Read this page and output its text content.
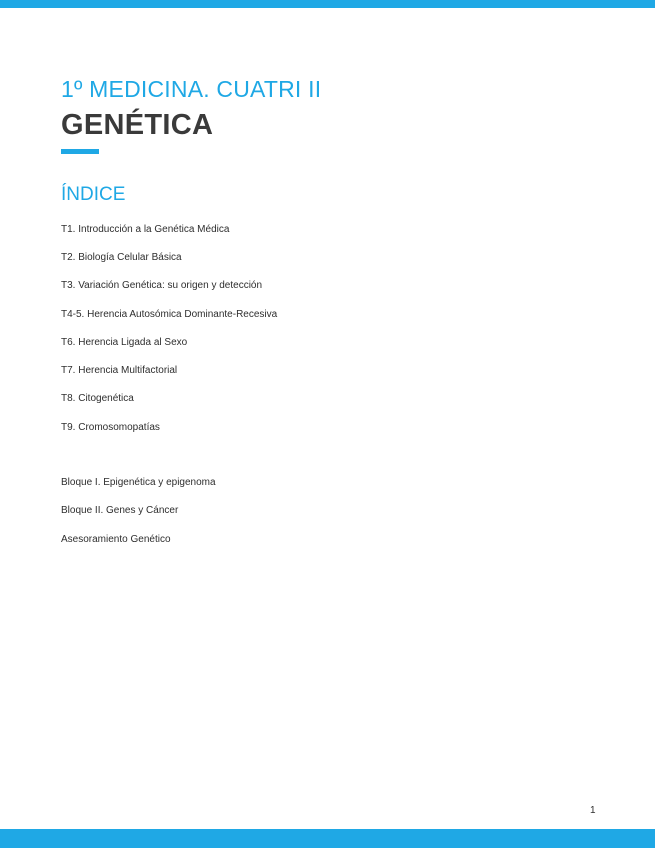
1º MEDICINA. CUATRI II
GENÉTICA
ÍNDICE
T1. Introducción a la Genética Médica
T2. Biología Celular Básica
T3. Variación Genética: su origen y detección
T4-5. Herencia Autosómica Dominante-Recesiva
T6. Herencia Ligada al Sexo
T7. Herencia Multifactorial
T8. Citogenética
T9. Cromosomopatías
Bloque I. Epigenética y epigenoma
Bloque II. Genes y Cáncer
Asesoramiento Genético
1
